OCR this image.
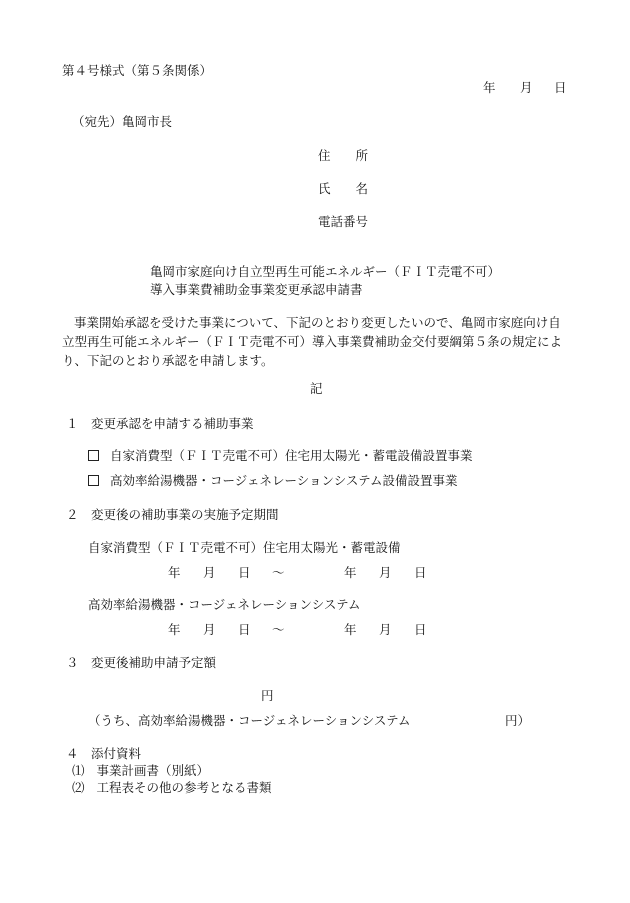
第４号様式（第５条関係）
年 月 日
（宛先）亀岡市長
住　　所
氏　　名
電話番号
亀岡市家庭向け自立型再生可能エネルギー（ＦＩＴ売電不可）
導入事業費補助金事業変更承認申請書
事業開始承認を受けた事業について、下記のとおり変更したいので、亀岡市家庭向け自立型再生可能エネルギー（ＦＩＴ売電不可）導入事業費補助金交付要綱第５条の規定により、下記のとおり承認を申請します。
記
１　変更承認を申請する補助事業
自家消費型（ＦＩＴ売電不可）住宅用太陽光・蓄電設備設置事業
高効率給湯機器・コージェネレーションシステム設備設置事業
２　変更後の補助事業の実施予定期間
自家消費型（ＦＩＴ売電不可）住宅用太陽光・蓄電設備
年 月 日 ～	年 月 日
高効率給湯機器・コージェネレーションシステム
年 月 日 ～	年 月 日
３　変更後補助申請予定額
円
（うち、高効率給湯機器・コージェネレーションシステム	円）
４　添付資料
⑴ 事業計画書（別紙）
⑵ 工程表その他の参考となる書類
